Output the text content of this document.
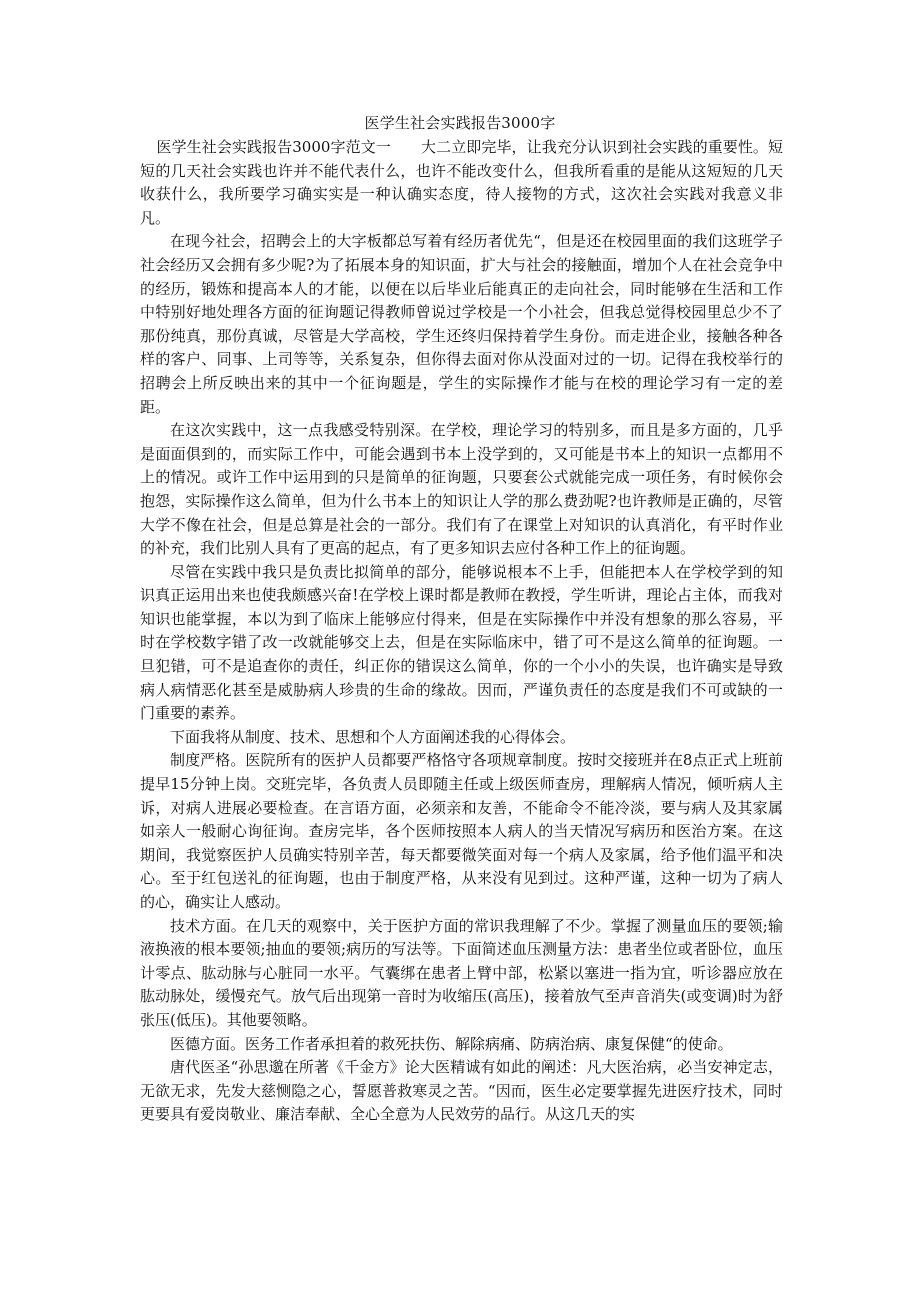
医学生社会实践报告3000字

医学生社会实践报告3000字范文一　　大二立即完毕，让我充分认识到社会实践的重要性。短短的几天社会实践也许并不能代表什么，也许不能改变什么，但我所看重的是能从这短短的几天收获什么，我所要学习确实实是一种认确实态度，待人接物的方式，这次社会实践对我意义非凡。

在现今社会，招聘会上的大字板都总写着有经历者优先“，但是还在校园里面的我们这班学子社会经历又会拥有多少呢?为了拓展本身的知识面，扩大与社会的接触面，增加个人在社会竞争中的经历，锻炼和提高本人的才能，以便在以后毕业后能真正的走向社会，同时能够在生活和工作中特别好地处理各方面的征询题记得教师曾说过学校是一个小社会，但我总觉得校园里总少不了那份纯真，那份真诚，尽管是大学高校，学生还终归保持着学生身份。而走进企业，接触各种各样的客户、同事、上司等等，关系复杂，但你得去面对你从没面对过的一切。记得在我校举行的招聘会上所反映出来的其中一个征询题是，学生的实际操作才能与在校的理论学习有一定的差距。

在这次实践中，这一点我感受特别深。在学校，理论学习的特别多，而且是多方面的，几乎是面面俱到的，而实际工作中，可能会遇到书本上没学到的，又可能是书本上的知识一点都用不上的情况。或许工作中运用到的只是简单的征询题，只要套公式就能完成一项任务，有时候你会抱怨，实际操作这么简单，但为什么书本上的知识让人学的那么费劲呢?也许教师是正确的，尽管大学不像在社会，但是总算是社会的一部分。我们有了在课堂上对知识的认真消化，有平时作业的补充，我们比别人具有了更高的起点，有了更多知识去应付各种工作上的征询题。

尽管在实践中我只是负责比拟简单的部分，能够说根本不上手，但能把本人在学校学到的知识真正运用出来也使我颇感兴奋!在学校上课时都是教师在教授，学生听讲，理论占主体，而我对知识也能掌握，本以为到了临床上能够应付得来，但是在实际操作中并没有想象的那么容易，平时在学校数字错了改一改就能够交上去，但是在实际临床中，错了可不是这么简单的征询题。一旦犯错，可不是追查你的责任，纠正你的错误这么简单，你的一个小小的失误，也许确实是导致病人病情恶化甚至是威胁病人珍贵的生命的缘故。因而，严谨负责任的态度是我们不可或缺的一门重要的素养。

下面我将从制度、技术、思想和个人方面阐述我的心得体会。

制度严格。医院所有的医护人员都要严格恪守各项规章制度。按时交接班并在8点正式上班前提早15分钟上岗。交班完毕，各负责人员即随主任或上级医师查房，理解病人情况，倾听病人主诉，对病人进展必要检查。在言语方面，必须亲和友善，不能命令不能冷淡，要与病人及其家属如亲人一般耐心询征询。查房完毕，各个医师按照本人病人的当天情况写病历和医治方案。在这期间，我觉察医护人员确实特别辛苦，每天都要微笑面对每一个病人及家属，给予他们温平和决心。至于红包送礼的征询题，也由于制度严格，从来没有见到过。这种严谨，这种一切为了病人的心，确实让人感动。

技术方面。在几天的观察中，关于医护方面的常识我理解了不少。掌握了测量血压的要领;输液换液的根本要领;抽血的要领;病历的写法等。下面简述血压测量方法：患者坐位或者卧位，血压计零点、肱动脉与心脏同一水平。气囊绑在患者上臂中部，松紧以塞进一指为宜，听诊器应放在肱动脉处，缓慢充气。放气后出现第一音时为收缩压(高压)，接着放气至声音消失(或变调)时为舒张压(低压)。其他要领略。

医德方面。医务工作者承担着的救死扶伤、解除病痛、防病治病、康复保健“的使命。

唐代医圣“孙思邈在所著《千金方》论大医精诚有如此的阐述：凡大医治病，必当安神定志，无欲无求，先发大慈恻隐之心，誓愿普救寒灵之苦。“因而，医生必定要掌握先进医疗技术，同时更要具有爱岗敬业、廉洁奉献、全心全意为人民效劳的品行。从这几天的实
